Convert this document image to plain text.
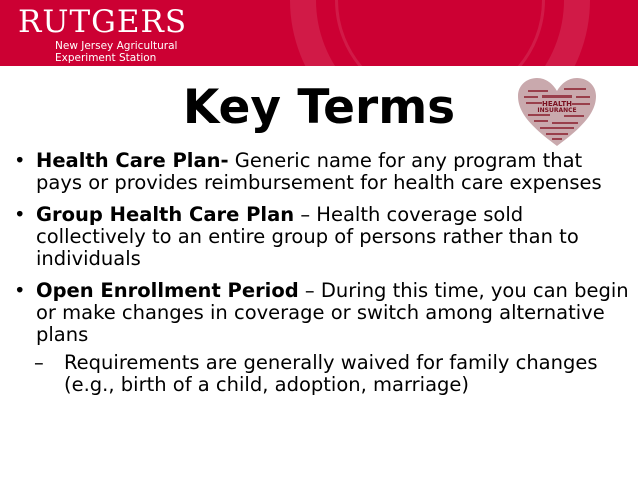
RUTGERS
New Jersey Agricultural
Experiment Station
Key Terms	HEALTH
INSURANCE
• Health Care Plan- Generic name for any program that pays or provides reimbursement for health care expenses
• Group Health Care Plan – Health coverage sold collectively to an entire group of persons rather than to individuals
• Open Enrollment Period – During this time, you can begin or make changes in coverage or switch among alternative plans
– Requirements are generally waived for family changes (e.g., birth of a child, adoption, marriage)
